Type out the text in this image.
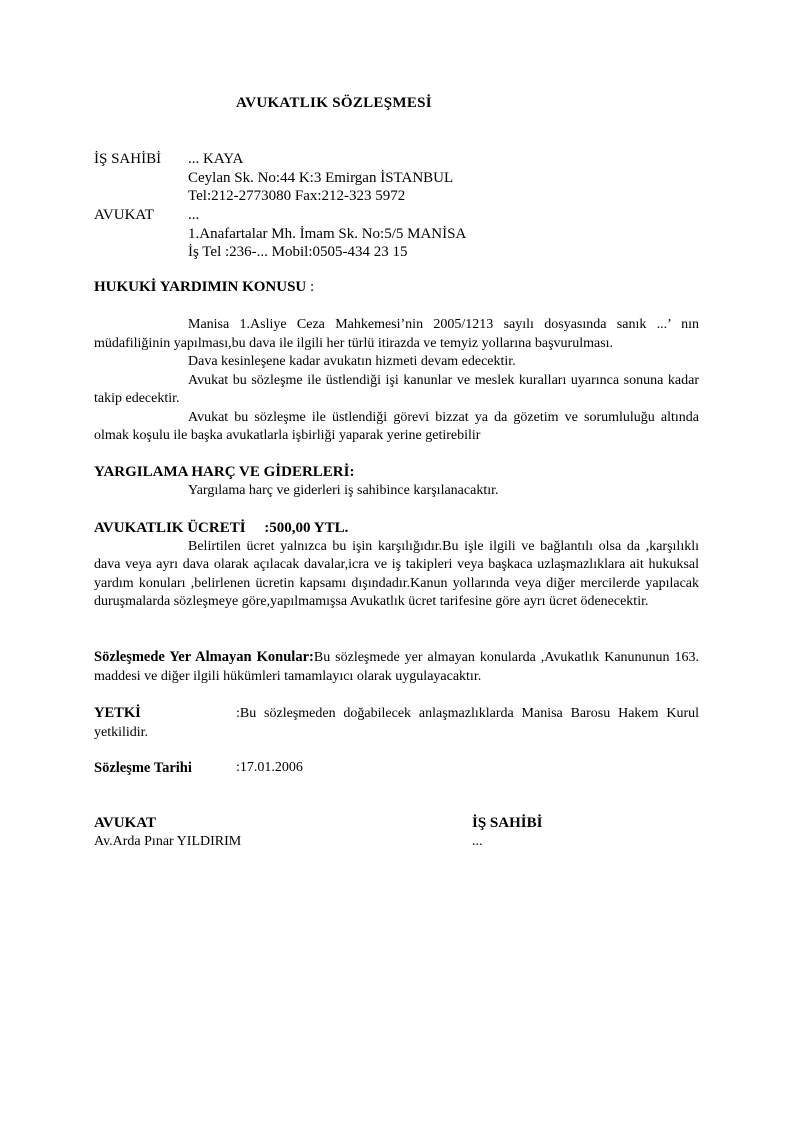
AVUKATLIK SÖZLEŞMESİ
İŞ SAHİBİ ... KAYA
Ceylan Sk. No:44 K:3 Emirgan İSTANBUL
Tel:212-2773080 Fax:212-323 5972
AVUKAT ...
1.Anafartalar Mh. İmam Sk. No:5/5 MANİSA
İş Tel :236-... Mobil:0505-434 23 15
HUKUKİ YARDIMIN KONUSU :
Manisa 1.Asliye Ceza Mahkemesi’nin 2005/1213 sayılı dosyasında sanık ...’ nın müdafiliğinin yapılması,bu dava ile ilgili her türlü itirazda ve temyiz yollarına başvurulması.
Dava kesinleşene kadar avukatın hizmeti devam edecektir.
Avukat bu sözleşme ile üstlendiği işi kanunlar ve meslek kuralları uyarınca sonuna kadar takip edecektir.
Avukat bu sözleşme ile üstlendiği görevi bizzat ya da gözetim ve sorumluluğu altında olmak koşulu ile başka avukatlarla işbirliği yaparak yerine getirebilir
YARGILAMA HARÇ VE GİDERLERİ:
Yargılama harç ve giderleri iş sahibince karşılanacaktır.
AVUKATLIK ÜCRETİ     :500,00 YTL.
Belirtilen ücret yalnızca bu işin karşılığıdır.Bu işle ilgili ve bağlantılı olsa da ,karşılıklı dava veya ayrı dava olarak açılacak davalar,icra ve iş takipleri veya başkaca uzlaşmazlıklara ait hukuksal yardım konuları ,belirlenen ücretin kapsamı dışındadır.Kanun yollarında veya diğer mercilerde yapılacak duruşmalarda sözleşmeye göre,yapılmamışsa Avukatlık ücret tarifesine göre ayrı ücret ödenecektir.
Sözleşmede Yer Almayan Konular:Bu sözleşmede yer almayan konularda ,Avukatlık Kanununun 163. maddesi ve diğer ilgili hükümleri tamamlayıcı olarak uygulayacaktır.
YETKİ	:Bu sözleşmeden doğabilecek anlaşmazlıklarda Manisa Barosu Hakem Kurul yetkilidir.
Sözleşme Tarihi	:17.01.2006
AVUKAT
Av.Arda Pınar YILDIRIM
İŞ SAHİBİ
...
